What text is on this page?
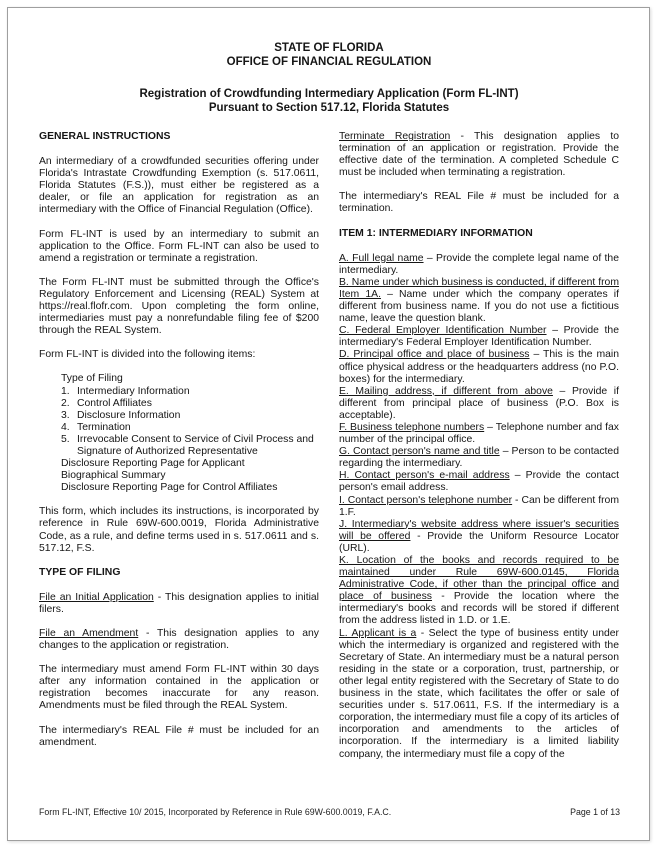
STATE OF FLORIDA
OFFICE OF FINANCIAL REGULATION
Registration of Crowdfunding Intermediary Application (Form FL-INT)
Pursuant to Section 517.12, Florida Statutes
GENERAL INSTRUCTIONS

An intermediary of a crowdfunded securities offering under Florida's Intrastate Crowdfunding Exemption (s. 517.0611, Florida Statutes (F.S.)), must either be registered as a dealer, or file an application for registration as an intermediary with the Office of Financial Regulation (Office).

Form FL-INT is used by an intermediary to submit an application to the Office. Form FL-INT can also be used to amend a registration or terminate a registration.

The Form FL-INT must be submitted through the Office's Regulatory Enforcement and Licensing (REAL) System at https://real.flofr.com. Upon completing the form online, intermediaries must pay a nonrefundable filing fee of $200 through the REAL System.

Form FL-INT is divided into the following items:

Type of Filing
1. Intermediary Information
2. Control Affiliates
3. Disclosure Information
4. Termination
5. Irrevocable Consent to Service of Civil Process and Signature of Authorized Representative
Disclosure Reporting Page for Applicant
Biographical Summary
Disclosure Reporting Page for Control Affiliates

This form, which includes its instructions, is incorporated by reference in Rule 69W-600.0019, Florida Administrative Code, as a rule, and define terms used in s. 517.0611 and s. 517.12, F.S.

TYPE OF FILING

File an Initial Application - This designation applies to initial filers.

File an Amendment - This designation applies to any changes to the application or registration.

The intermediary must amend Form FL-INT within 30 days after any information contained in the application or registration becomes inaccurate for any reason. Amendments must be filed through the REAL System.

The intermediary's REAL File # must be included for an amendment.

Terminate Registration - This designation applies to termination of an application or registration. Provide the effective date of the termination. A completed Schedule C must be included when terminating a registration.

The intermediary's REAL File # must be included for a termination.

ITEM 1: INTERMEDIARY INFORMATION

A. Full legal name – Provide the complete legal name of the intermediary.

B. Name under which business is conducted, if different from Item 1A. – Name under which the company operates if different from business name. If you do not use a fictitious name, leave the question blank.

C. Federal Employer Identification Number – Provide the intermediary's Federal Employer Identification Number.

D. Principal office and place of business – This is the main office physical address or the headquarters address (no P.O. boxes) for the intermediary.

E. Mailing address, if different from above – Provide if different from principal place of business (P.O. Box is acceptable).

F. Business telephone numbers – Telephone number and fax number of the principal office.

G. Contact person's name and title – Person to be contacted regarding the intermediary.

H. Contact person's e-mail address – Provide the contact person's email address.

I. Contact person's telephone number - Can be different from 1.F.

J. Intermediary's website address where issuer's securities will be offered - Provide the Uniform Resource Locator (URL).

K. Location of the books and records required to be maintained under Rule 69W-600.0145, Florida Administrative Code, if other than the principal office and place of business - Provide the location where the intermediary's books and records will be stored if different from the address listed in 1.D. or 1.E.

L. Applicant is a - Select the type of business entity under which the intermediary is organized and registered with the Secretary of State. An intermediary must be a natural person residing in the state or a corporation, trust, partnership, or other legal entity registered with the Secretary of State to do business in the state, which facilitates the offer or sale of securities under s. 517.0611, F.S. If the intermediary is a corporation, the intermediary must file a copy of its articles of incorporation and amendments to the articles of incorporation. If the intermediary is a limited liability company, the intermediary must file a copy of the

Form FL-INT, Effective 10/ 2015, Incorporated by Reference in Rule 69W-600.0019, F.A.C.	Page 1 of 13
